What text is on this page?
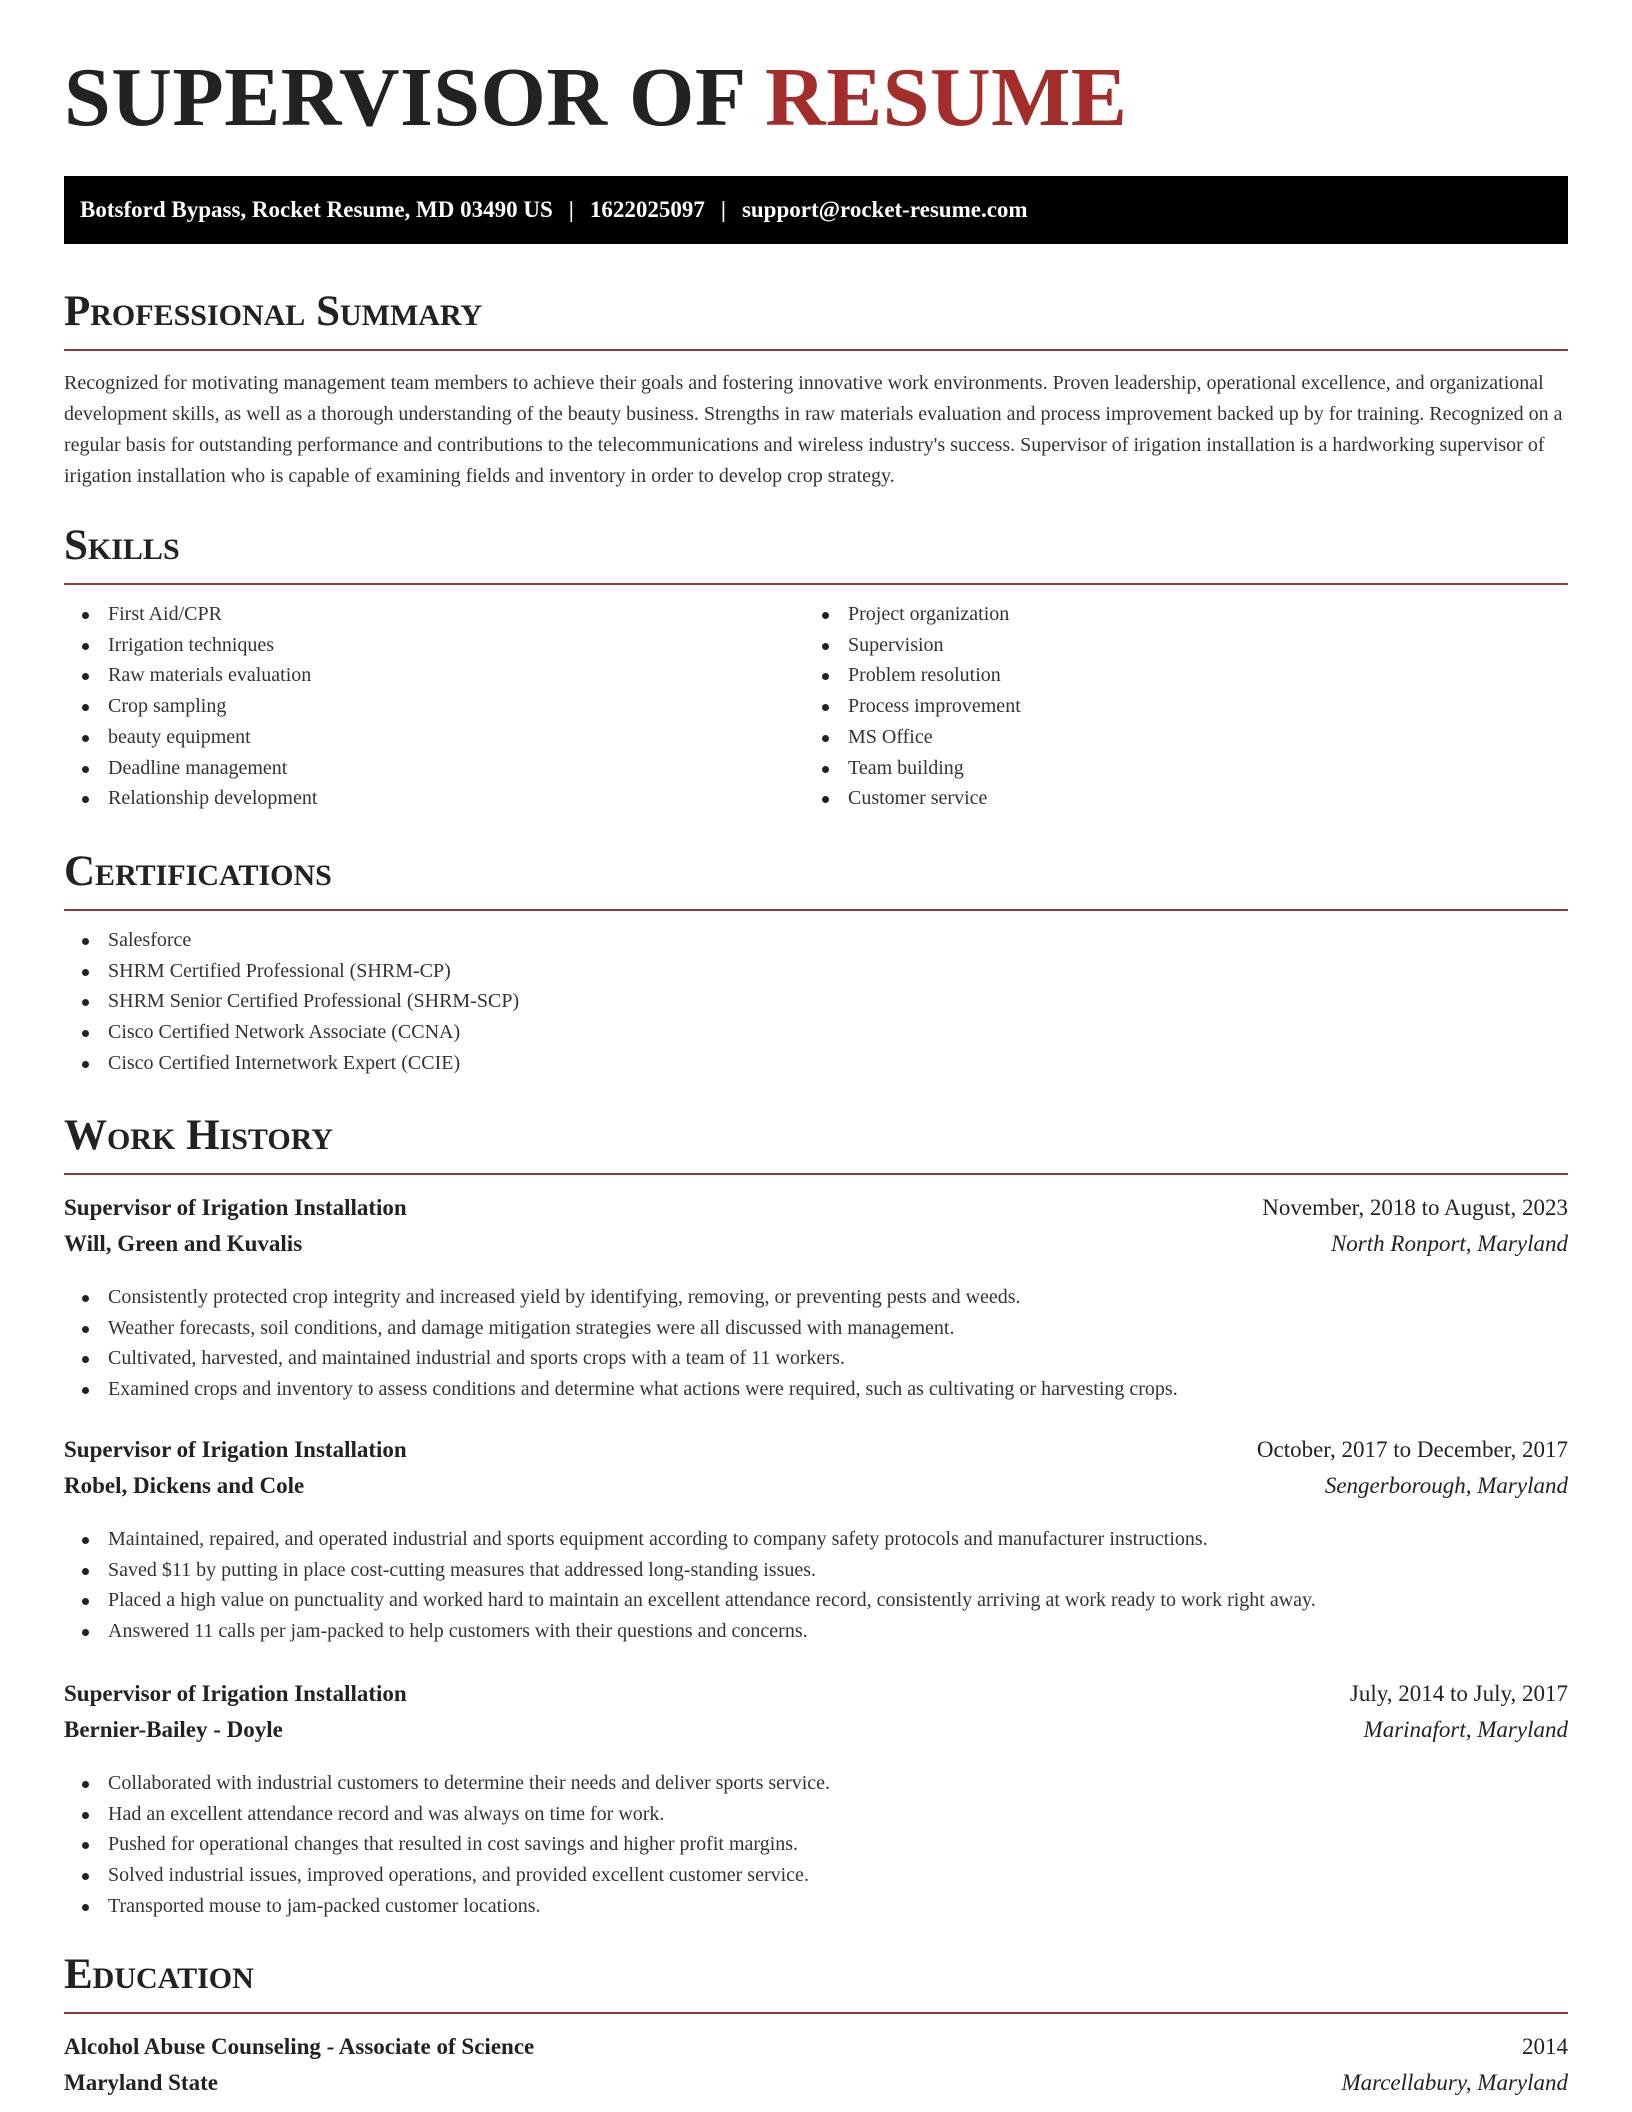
SUPERVISOR OF RESUME
Botsford Bypass, Rocket Resume, MD 03490 US | 1622025097 | support@rocket-resume.com
Professional Summary

Recognized for motivating management team members to achieve their goals and fostering innovative work environments. Proven leadership, operational excellence, and organizational development skills, as well as a thorough understanding of the beauty business. Strengths in raw materials evaluation and process improvement backed up by for training. Recognized on a regular basis for outstanding performance and contributions to the telecommunications and wireless industry's success. Supervisor of irigation installation is a hardworking supervisor of irigation installation who is capable of examining fields and inventory in order to develop crop strategy.

Skills
First Aid/CPR
Irrigation techniques
Raw materials evaluation
Crop sampling
beauty equipment
Deadline management
Relationship development
Project organization
Supervision
Problem resolution
Process improvement
MS Office
Team building
Customer service
Certifications
Salesforce
SHRM Certified Professional (SHRM-CP)
SHRM Senior Certified Professional (SHRM-SCP)
Cisco Certified Network Associate (CCNA)
Cisco Certified Internetwork Expert (CCIE)
Work History
Supervisor of Irigation Installation	November, 2018 to August, 2023
Will, Green and Kuvalis	North Ronport, Maryland
Consistently protected crop integrity and increased yield by identifying, removing, or preventing pests and weeds.
Weather forecasts, soil conditions, and damage mitigation strategies were all discussed with management.
Cultivated, harvested, and maintained industrial and sports crops with a team of 11 workers.
Examined crops and inventory to assess conditions and determine what actions were required, such as cultivating or harvesting crops.
Supervisor of Irigation Installation	October, 2017 to December, 2017
Robel, Dickens and Cole	Sengerborough, Maryland
Maintained, repaired, and operated industrial and sports equipment according to company safety protocols and manufacturer instructions.
Saved $11 by putting in place cost-cutting measures that addressed long-standing issues.
Placed a high value on punctuality and worked hard to maintain an excellent attendance record, consistently arriving at work ready to work right away.
Answered 11 calls per jam-packed to help customers with their questions and concerns.
Supervisor of Irigation Installation	July, 2014 to July, 2017
Bernier-Bailey - Doyle	Marinafort, Maryland
Collaborated with industrial customers to determine their needs and deliver sports service.
Had an excellent attendance record and was always on time for work.
Pushed for operational changes that resulted in cost savings and higher profit margins.
Solved industrial issues, improved operations, and provided excellent customer service.
Transported mouse to jam-packed customer locations.
Education
Alcohol Abuse Counseling - Associate of Science	2014
Maryland State	Marcellabury, Maryland
